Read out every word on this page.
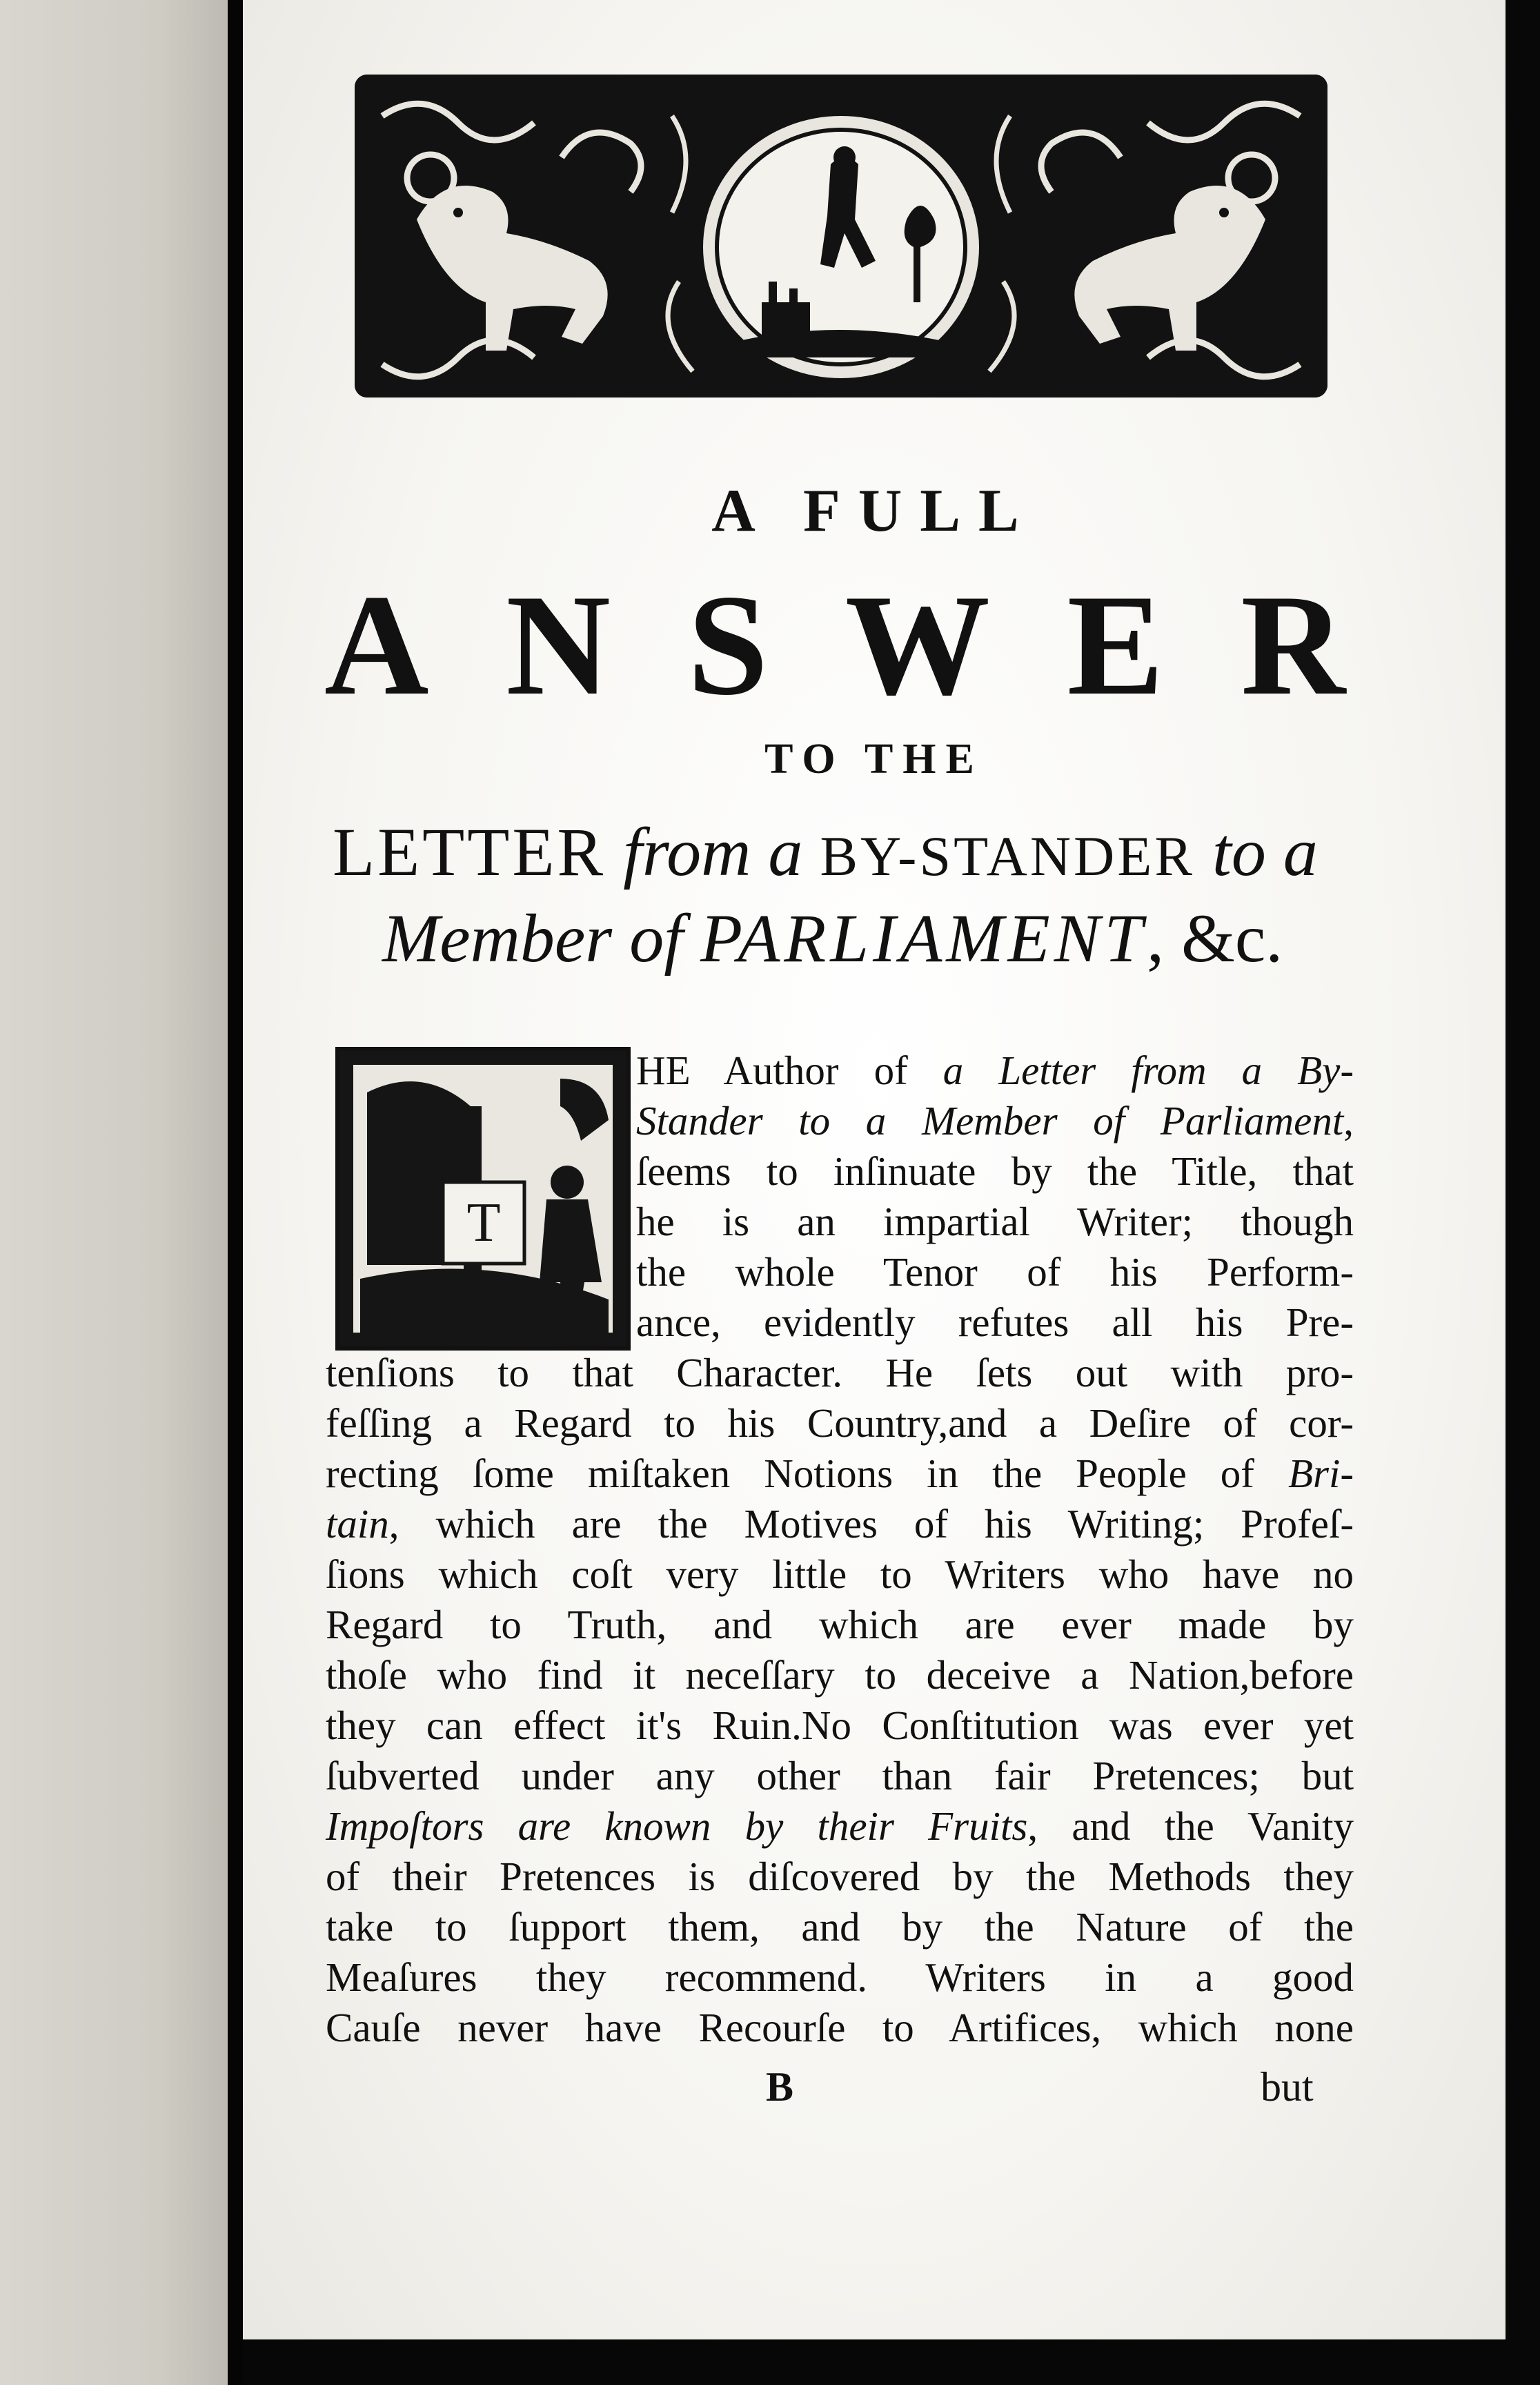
A FULL
A N S W E R
TO THE
LETTER from a BY-STANDER to a
Member of PARLIAMENT, &c.
T
HE Author of a Letter from a By-
Stander to a Member of Parliament,
ſeems to inſinuate by the Title, that
he is an impartial Writer; though
the whole Tenor of his Perform-
ance, evidently refutes all his Pre-
tenſions to that Character. He ſets out with pro-
feſſing a Regard to his Country,and a Deſire of cor-
recting ſome miſtaken Notions in the People of Bri-
tain, which are the Motives of his Writing; Profeſ-
ſions which coſt very little to Writers who have no
Regard to Truth, and which are ever made by
thoſe who find it neceſſary to deceive a Nation,before
they can effect it's Ruin.No Conſtitution was ever yet
ſubverted under any other than fair Pretences; but
Impoſtors are known by their Fruits, and the Vanity
of their Pretences is diſcovered by the Methods they
take to ſupport them, and by the Nature of the
Meaſures they recommend. Writers in a good
Cauſe never have Recourſe to Artifices, which none
B	but
